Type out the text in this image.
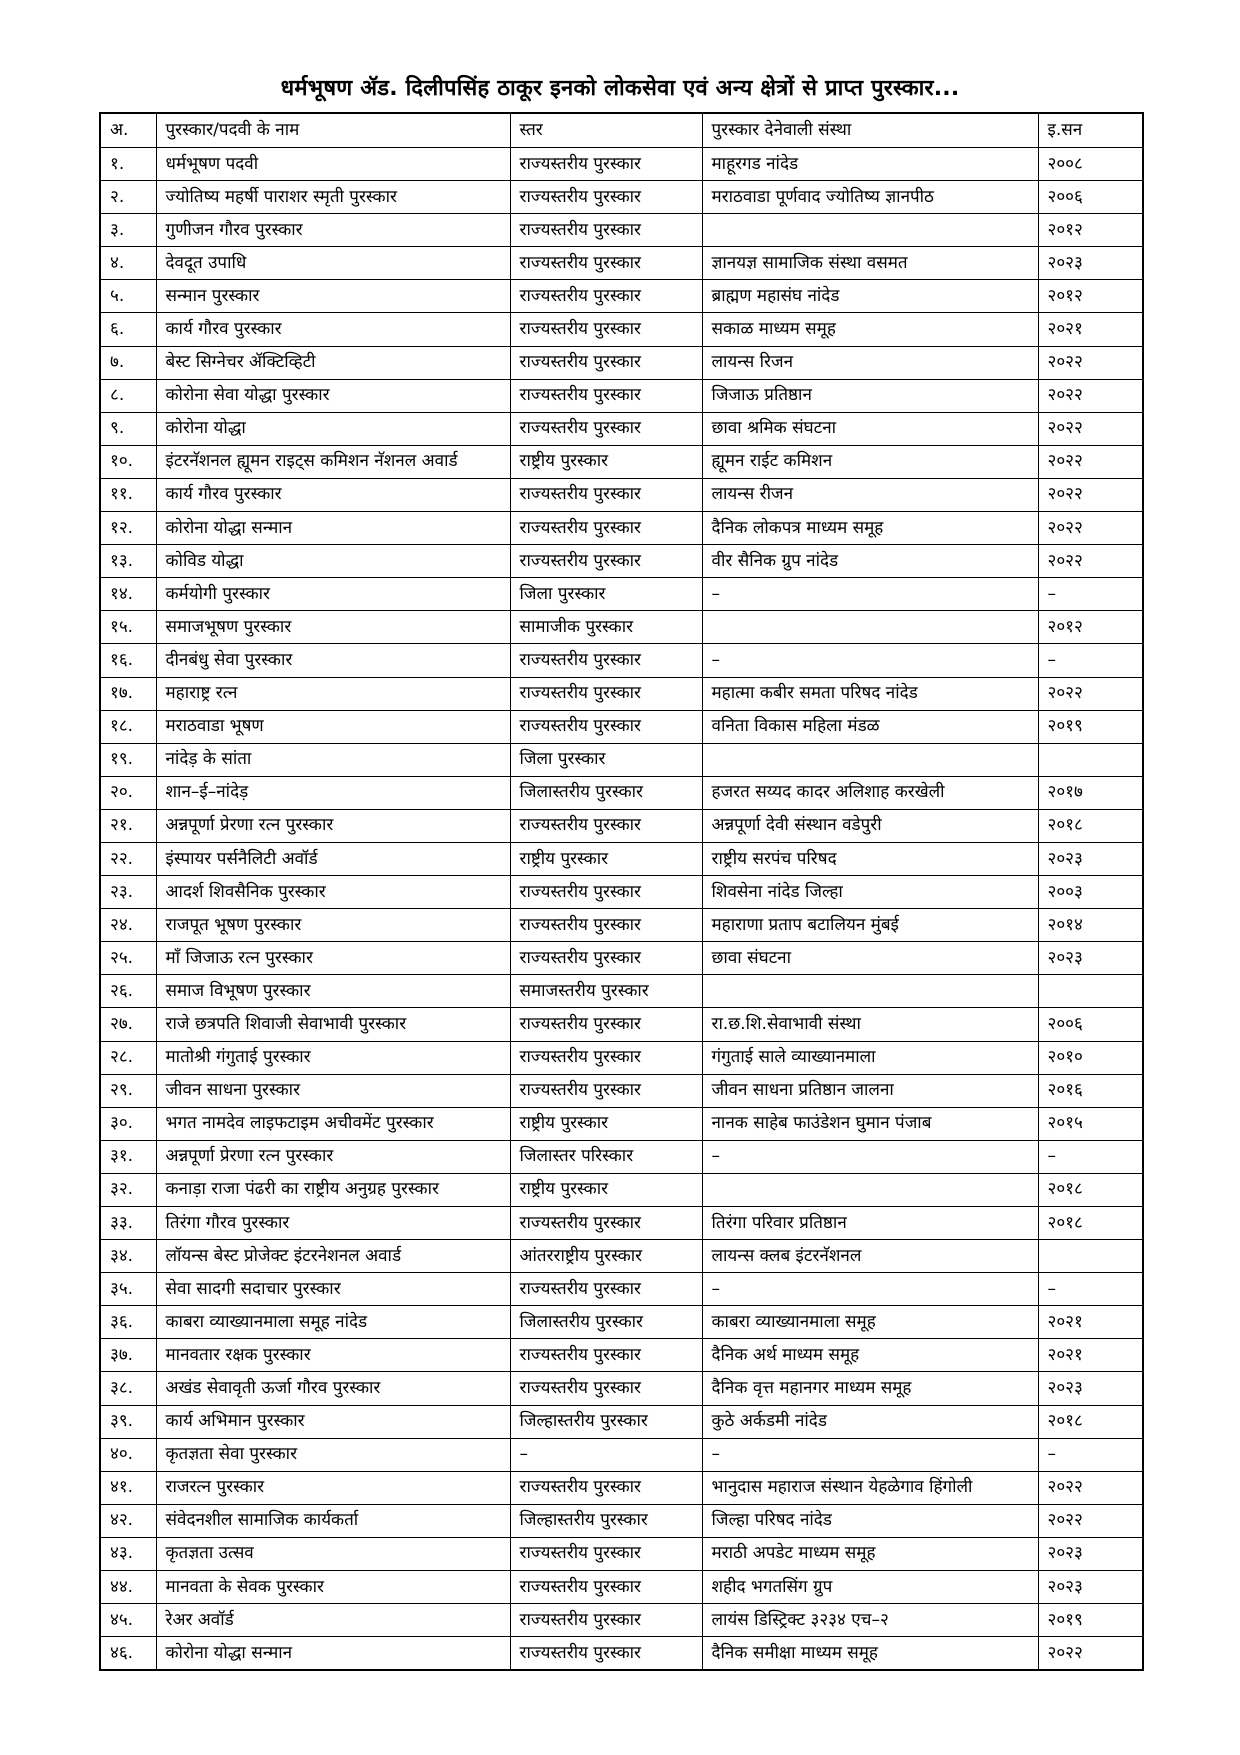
धर्मभूषण ॲड. दिलीपसिंह ठाकूर इनको लोकसेवा एवं अन्य क्षेत्रों से प्राप्त पुरस्कार...
अ.	पुरस्कार/पदवी के नाम	स्तर	पुरस्कार देनेवाली संस्था	इ.सन
१.	धर्मभूषण पदवी	राज्यस्तरीय पुरस्कार	माहूरगड नांदेड	२००८
२.	ज्योतिष्य महर्षी पाराशर स्मृती पुरस्कार	राज्यस्तरीय पुरस्कार	मराठवाडा पूर्णवाद ज्योतिष्य ज्ञानपीठ	२००६
३.	गुणीजन गौरव पुरस्कार	राज्यस्तरीय पुरस्कार		२०१२
४.	देवदूत उपाधि	राज्यस्तरीय पुरस्कार	ज्ञानयज्ञ सामाजिक संस्था वसमत	२०२३
५.	सन्मान पुरस्कार	राज्यस्तरीय पुरस्कार	ब्राह्मण महासंघ नांदेड	२०१२
६.	कार्य गौरव पुरस्कार	राज्यस्तरीय पुरस्कार	सकाळ माध्यम समूह	२०२१
७.	बेस्ट सिग्नेचर ॲक्टिव्हिटी	राज्यस्तरीय पुरस्कार	लायन्स रिजन	२०२२
८.	कोरोना सेवा योद्धा पुरस्कार	राज्यस्तरीय पुरस्कार	जिजाऊ प्रतिष्ठान	२०२२
९.	कोरोना योद्धा	राज्यस्तरीय पुरस्कार	छावा श्रमिक संघटना	२०२२
१०.	इंटरनॅशनल ह्यूमन राइट्स कमिशन नॅशनल अवार्ड	राष्ट्रीय पुरस्कार	ह्यूमन राईट कमिशन	२०२२
११.	कार्य गौरव पुरस्कार	राज्यस्तरीय पुरस्कार	लायन्स रीजन	२०२२
१२.	कोरोना योद्धा सन्मान	राज्यस्तरीय पुरस्कार	दैनिक लोकपत्र माध्यम समूह	२०२२
१३.	कोविड योद्धा	राज्यस्तरीय पुरस्कार	वीर सैनिक ग्रुप नांदेड	२०२२
१४.	कर्मयोगी पुरस्कार	जिला पुरस्कार	–	–
१५.	समाजभूषण पुरस्कार	सामाजीक पुरस्कार		२०१२
१६.	दीनबंधु सेवा पुरस्कार	राज्यस्तरीय पुरस्कार	–	–
१७.	महाराष्ट्र रत्न	राज्यस्तरीय पुरस्कार	महात्मा कबीर समता परिषद नांदेड	२०२२
१८.	मराठवाडा भूषण	राज्यस्तरीय पुरस्कार	वनिता विकास महिला मंडळ	२०१९
१९.	नांदेड़ के सांता	जिला पुरस्कार		
२०.	शान–ई–नांदेड़	जिलास्तरीय पुरस्कार	हजरत सय्यद कादर अलिशाह करखेली	२०१७
२१.	अन्नपूर्णा प्रेरणा रत्न पुरस्कार	राज्यस्तरीय पुरस्कार	अन्नपूर्णा देवी संस्थान वडेपुरी	२०१८
२२.	इंस्पायर पर्सनैलिटी अवॉर्ड	राष्ट्रीय पुरस्कार	राष्ट्रीय सरपंच परिषद	२०२३
२३.	आदर्श शिवसैनिक पुरस्कार	राज्यस्तरीय पुरस्कार	शिवसेना नांदेड जिल्हा	२००३
२४.	राजपूत भूषण पुरस्कार	राज्यस्तरीय पुरस्कार	महाराणा प्रताप बटालियन मुंबई	२०१४
२५.	माँ जिजाऊ रत्न पुरस्कार	राज्यस्तरीय पुरस्कार	छावा संघटना	२०२३
२६.	समाज विभूषण पुरस्कार	समाजस्तरीय पुरस्कार		
२७.	राजे छत्रपति शिवाजी सेवाभावी पुरस्कार	राज्यस्तरीय पुरस्कार	रा.छ.शि.सेवाभावी संस्था	२००६
२८.	मातोश्री गंगुताई पुरस्कार	राज्यस्तरीय पुरस्कार	गंगुताई साले व्याख्यानमाला	२०१०
२९.	जीवन साधना पुरस्कार	राज्यस्तरीय पुरस्कार	जीवन साधना प्रतिष्ठान जालना	२०१६
३०.	भगत नामदेव लाइफटाइम अचीवमेंट पुरस्कार	राष्ट्रीय पुरस्कार	नानक साहेब फाउंडेशन घुमान पंजाब	२०१५
३१.	अन्नपूर्णा प्रेरणा रत्न पुरस्कार	जिलास्तर परिस्कार	–	–
३२.	कनाड़ा राजा पंढरी का राष्ट्रीय अनुग्रह पुरस्कार	राष्ट्रीय पुरस्कार		२०१८
३३.	तिरंगा गौरव पुरस्कार	राज्यस्तरीय पुरस्कार	तिरंगा परिवार प्रतिष्ठान	२०१८
३४.	लॉयन्स बेस्ट प्रोजेक्ट इंटरनेशनल अवार्ड	आंतरराष्ट्रीय पुरस्कार	लायन्स क्लब इंटरनॅशनल	
३५.	सेवा सादगी सदाचार पुरस्कार	राज्यस्तरीय पुरस्कार	–	–
३६.	काबरा व्याख्यानमाला समूह नांदेड	जिलास्तरीय पुरस्कार	काबरा व्याख्यानमाला समूह	२०२१
३७.	मानवतार रक्षक पुरस्कार	राज्यस्तरीय पुरस्कार	दैनिक अर्थ माध्यम समूह	२०२१
३८.	अखंड सेवावृती ऊर्जा गौरव पुरस्कार	राज्यस्तरीय पुरस्कार	दैनिक वृत्त महानगर माध्यम समूह	२०२३
३९.	कार्य अभिमान पुरस्कार	जिल्हास्तरीय पुरस्कार	कुठे अर्कडमी नांदेड	२०१८
४०.	कृतज्ञता सेवा पुरस्कार	–	–	–
४१.	राजरत्न पुरस्कार	राज्यस्तरीय पुरस्कार	भानुदास महाराज संस्थान येहळेगाव हिंगोली	२०२२
४२.	संवेदनशील सामाजिक कार्यकर्ता	जिल्हास्तरीय पुरस्कार	जिल्हा परिषद नांदेड	२०२२
४३.	कृतज्ञता उत्सव	राज्यस्तरीय पुरस्कार	मराठी अपडेट माध्यम समूह	२०२३
४४.	मानवता के सेवक पुरस्कार	राज्यस्तरीय पुरस्कार	शहीद भगतसिंग ग्रुप	२०२३
४५.	रेअर अवॉर्ड	राज्यस्तरीय पुरस्कार	लायंस डिस्ट्रिक्ट ३२३४ एच–२	२०१९
४६.	कोरोना योद्धा सन्मान	राज्यस्तरीय पुरस्कार	दैनिक समीक्षा माध्यम समूह	२०२२
